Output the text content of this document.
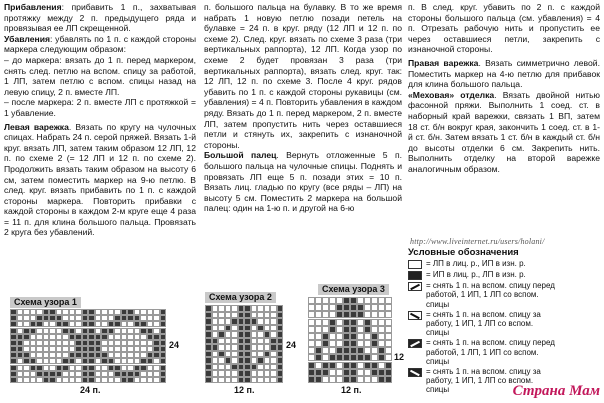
Прибавления: прибавить 1 п., захватывая протяжку между 2 п. предыдущего ряда и провязывая ее ЛП скрещенной.

Убавления: убавлять по 1 п. с каждой стороны маркера следующим образом:

– до маркера: вязать до 1 п. перед маркером, снять след. петлю на вспом. спицу за работой, 1 ЛП, затем петлю с вспом. спицы назад на левую спицу, 2 п. вместе ЛП.

– после маркера: 2 п. вместе ЛП с протяжкой = 1 убавление.

Левая варежка. Вязать по кругу на чулочных спицах. Набрать 24 п. серой пряжей. Вязать 1-й круг. вязать ЛП, затем таким образом 12 ЛП, 12 п. по схеме 2 (= 12 ЛП и 12 п. по схеме 2). Продолжить вязать таким образом на высоту 6 см, затем поместить маркер на 9-ю петлю. В след. круг. вязать прибавить по 1 п. с каждой стороны маркера. Повторить прибавки с каждой стороны в каждом 2-м круге еще 4 раза = 11 п. для клина большого пальца. Провязать 2 круга без убавлений.

п. большого пальца на булавку. В то же время набрать 1 новую петлю позади петель на булавке = 24 п. в круг. ряду (12 ЛП и 12 п. по схеме 2). След. круг. вязать по схеме 3 раза (три вертикальных раппорта), 12 ЛП. Когда узор по схеме 2 будет провязан 3 раза (три вертикальных раппорта), вязать след. круг. так: 12 ЛП, 12 п. по схеме 3. После 4 круг. рядов убавить по 1 п. с каждой стороны рукавицы (см. убавления) = 4 п. Повторить убавления в каждом ряду. Вязать до 1 п. перед маркером, 2 п. вместе ЛП, затем пропустить нить через оставшиеся петли и стянуть их, закрепить с изнаночной стороны.

Большой палец. Вернуть отложенные 5 п. большого пальца на чулочные спицы. Поднять и провязать ЛП еще 5 п. позади этих = 10 п. Вязать лиц. гладью по кругу (все ряды – ЛП) на высоту 5 см. Поместить 2 маркера на большой палец: один на 1-ю п. и другой на 6-ю

п. В след. круг. убавить по 2 п. с каждой стороны большого пальца (см. убавления) = 4 п. Отрезать рабочую нить и пропустить ее через оставшиеся петли, закрепить с изнаночной стороны.

Правая варежка. Вязать симметрично левой. Поместить маркер на 4-ю петлю для прибавок для клина большого пальца.

«Меховая» отделка. Вязать двойной нитью фасонной пряжи. Выполнить 1 соед. ст. в наборный край варежки, связать 1 ВП, затем 18 ст. б/н вокруг края, закончить 1 соед. ст. в 1-й ст. б/н. Затем вязать 1 ст. б/н в каждый ст. б/н до высоты отделки 6 см. Закрепить нить. Выполнить отделку на второй варежке аналогичным образом.

http://www.liveinternet.ru/users/holani/
Условные обозначения
= ЛП в лиц. р., ИП в изн. р.
= ИП в лиц. р., ЛП в изн. р.
= снять 1 п. на вспом. спицу перед работой, 1 ИП, 1 ЛП со вспом. спицы
= снять 1 п. на вспом. спицу за работу, 1 ИП, 1 ЛП со вспом. спицы
= снять 1 п. на вспом. спицу перед работой, 1 ЛП, 1 ИП со вспом. спицы
= снять 1 п. на вспом. спицу за работу, 1 ИП, 1 ЛП со вспом. спицы
Схема узора 1
24 п.
24
Схема узора 2
12 п.
24
Схема узора 3
12 п.
12
Страна Мам
